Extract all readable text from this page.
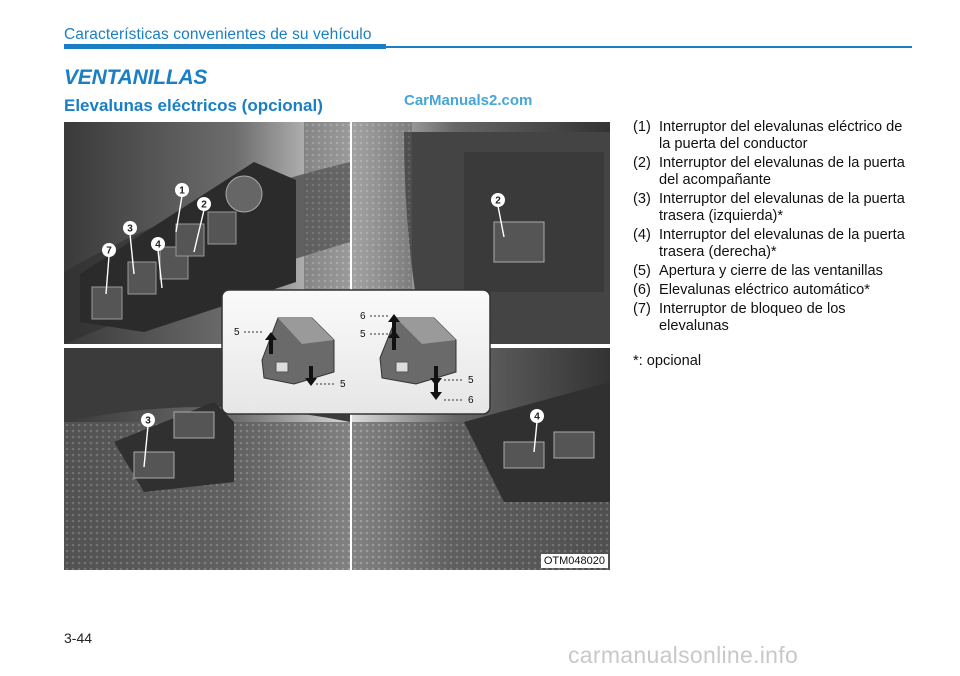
Características convenientes de su vehículo
VENTANILLAS
Elevalunas eléctricos (opcional)	CarManuals2.com
1
2
3
4
7
2
3	4
5
5
6
5
5
6
OTM048020
(1) Interruptor del elevalunas eléctrico de la puerta del conductor
(2) Interruptor del elevalunas de la puerta del acompañante
(3) Interruptor del elevalunas de la puerta trasera (izquierda)*
(4) Interruptor del elevalunas de la puerta trasera (derecha)*
(5) Apertura y cierre de las ventanillas
(6) Elevalunas eléctrico automático*
(7) Interruptor de bloqueo de los elevalunas
*: opcional
3-44
carmanualsonline.info
